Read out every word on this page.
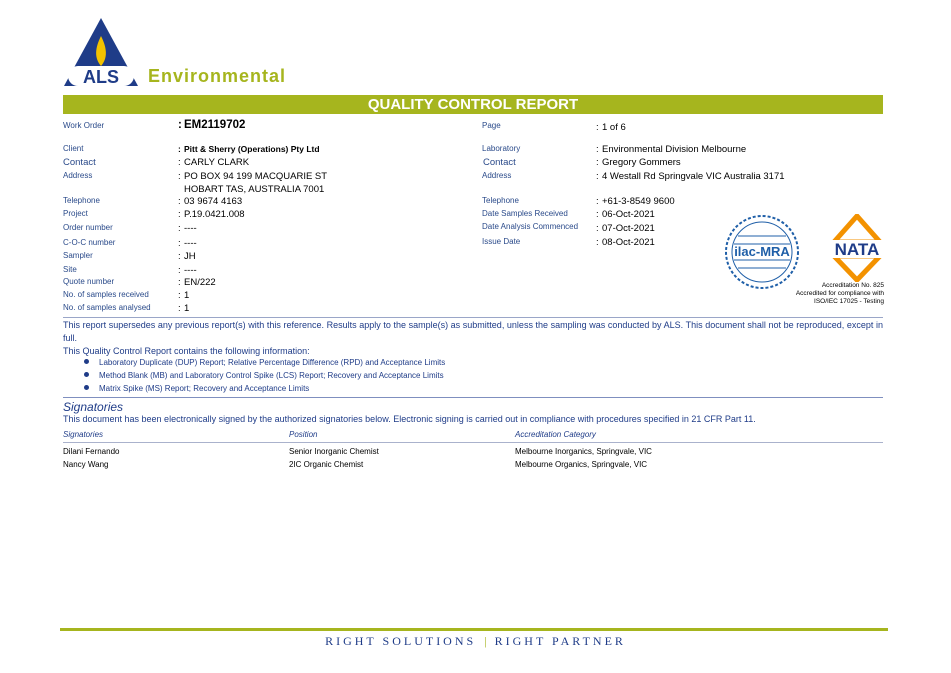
ALS Environmental
QUALITY CONTROL REPORT
Work Order	: EM2119702
Client	: Pitt & Sherry (Operations) Pty Ltd
Contact	: CARLY CLARK
Address	: PO BOX 94 199 MACQUARIE ST
HOBART TAS, AUSTRALIA 7001
Telephone	: 03 9674 4163
Project	: P.19.0421.008
Order number	: ----
C-O-C number	: ----
Sampler	: JH
Site	: ----
Quote number	: EN/222
No. of samples received	: 1
No. of samples analysed	: 1
Page	: 1 of 6
Laboratory	: Environmental Division Melbourne
Contact	: Gregory Gommers
Address	: 4 Westall Rd Springvale VIC Australia 3171
Telephone	: +61-3-8549 9600
Date Samples Received	: 06-Oct-2021
Date Analysis Commenced : 07-Oct-2021
Issue Date	: 08-Oct-2021
ilac-MRA	NATA
Accreditation No. 825
Accredited for compliance with
ISO/IEC 17025 - Testing
This report supersedes any previous report(s) with this reference. Results apply to the sample(s) as submitted, unless the sampling was conducted by ALS. This document shall not be reproduced, except in full.
This Quality Control Report contains the following information:
Laboratory Duplicate (DUP) Report; Relative Percentage Difference (RPD) and Acceptance Limits
Method Blank (MB) and Laboratory Control Spike (LCS) Report; Recovery and Acceptance Limits
Matrix Spike (MS) Report; Recovery and Acceptance Limits
Signatories
This document has been electronically signed by the authorized signatories below. Electronic signing is carried out in compliance with procedures specified in 21 CFR Part 11.
Signatories	Position	Accreditation Category
Dilani Fernando	Senior Inorganic Chemist	Melbourne Inorganics, Springvale, VIC
Nancy Wang	2IC Organic Chemist	Melbourne Organics, Springvale, VIC
RIGHT SOLUTIONS | RIGHT PARTNER
